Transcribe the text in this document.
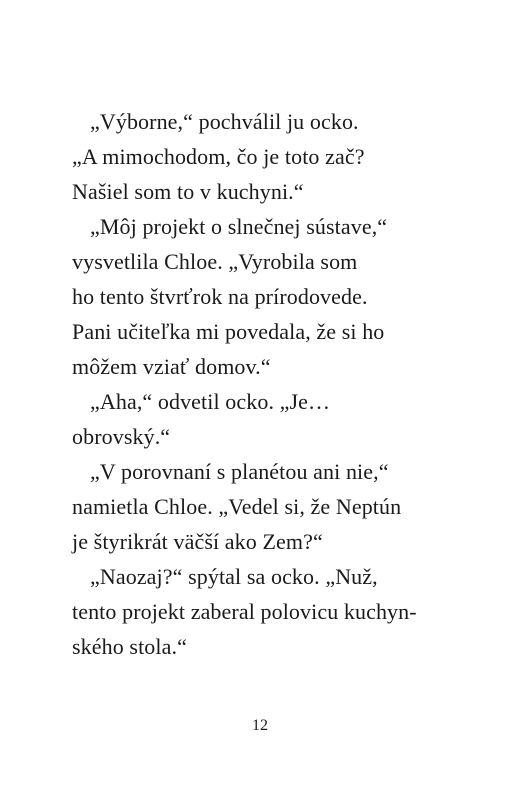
„Výborne,“ pochválil ju ocko.
„A mimochodom, čo je toto zač?
Našiel som to v kuchyni.“
„Môj projekt o slnečnej sústave,“
vysvetlila Chloe. „Vyrobila som
ho tento štvrťrok na prírodovede.
Pani učiteľka mi povedala, že si ho
môžem vziať domov.“
„Aha,“ odvetil ocko. „Je…
obrovský.“
„V porovnaní s planétou ani nie,“
namietla Chloe. „Vedel si, že Neptún
je štyrikrát väčší ako Zem?“
„Naozaj?“ spýtal sa ocko. „Nuž,
tento projekt zaberal polovicu kuchyn-
ského stola.“
12
